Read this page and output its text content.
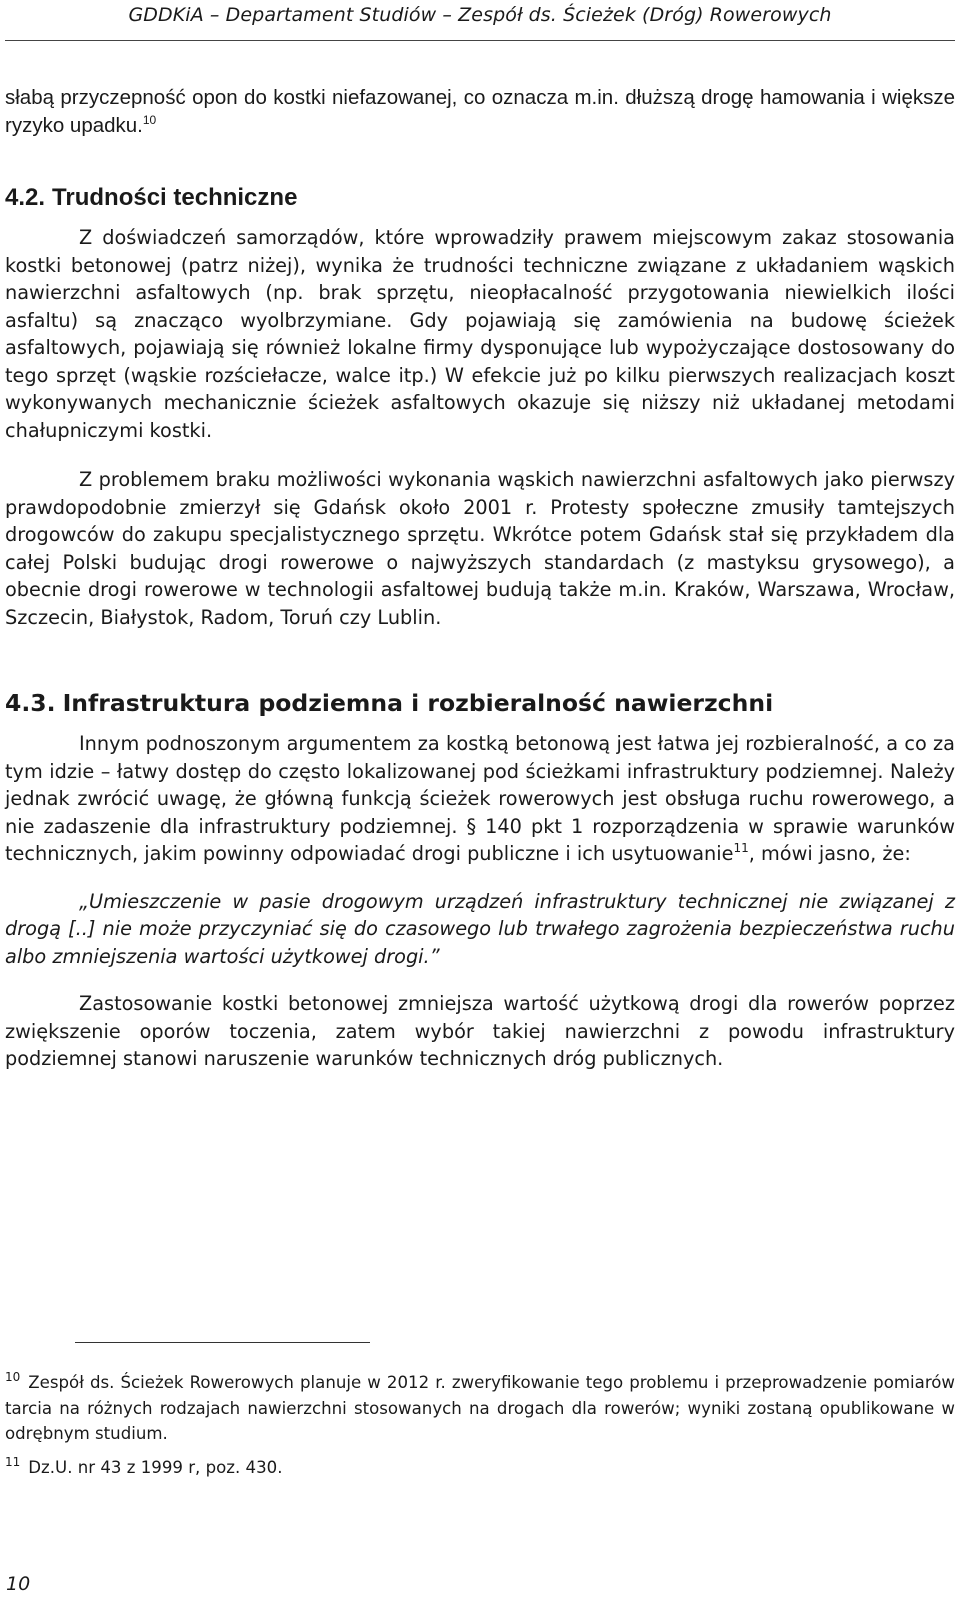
GDDKiA – Departament Studiów – Zespół ds. Ścieżek (Dróg) Rowerowych

słabą przyczepność opon do kostki niefazowanej, co oznacza m.in. dłuższą drogę hamowania i większe ryzyko upadku.$^{10}$

4.2. Trudności techniczne

Z doświadczeń samorządów, które wprowadziły prawem miejscowym zakaz stosowania kostki betonowej (patrz niżej), wynika że trudności techniczne związane z układaniem wąskich nawierzchni asfaltowych (np. brak sprzętu, nieopłacalność przygotowania niewielkich ilości asfaltu) są znacząco wyolbrzymiane. Gdy pojawiają się zamówienia na budowę ścieżek asfaltowych, pojawiają się również lokalne firmy dysponujące lub wypożyczające dostosowany do tego sprzęt (wąskie rozściełacze, walce itp.) W efekcie już po kilku pierwszych realizacjach koszt wykonywanych mechanicznie ścieżek asfaltowych okazuje się niższy niż układanej metodami chałupniczymi kostki.

Z problemem braku możliwości wykonania wąskich nawierzchni asfaltowych jako pierwszy prawdopodobnie zmierzył się Gdańsk około 2001 r. Protesty społeczne zmusiły tamtejszych drogowców do zakupu specjalistycznego sprzętu. Wkrótce potem Gdańsk stał się przykładem dla całej Polski budując drogi rowerowe o najwyższych standardach (z mastyksu grysowego), a obecnie drogi rowerowe w technologii asfaltowej budują także m.in. Kraków, Warszawa, Wrocław, Szczecin, Białystok, Radom, Toruń czy Lublin.

4.3. Infrastruktura podziemna i rozbieralność nawierzchni

Innym podnoszonym argumentem za kostką betonową jest łatwa jej rozbieralność, a co za tym idzie – łatwy dostęp do często lokalizowanej pod ścieżkami infrastruktury podziemnej. Należy jednak zwrócić uwagę, że główną funkcją ścieżek rowerowych jest obsługa ruchu rowerowego, a nie zadaszenie dla infrastruktury podziemnej. § 140 pkt 1 rozporządzenia w sprawie warunków technicznych, jakim powinny odpowiadać drogi publiczne i ich usytuowanie$^{11}$, mówi jasno, że:

„Umieszczenie w pasie drogowym urządzeń infrastruktury technicznej nie związanej z drogą [..] nie może przyczyniać się do czasowego lub trwałego zagrożenia bezpieczeństwa ruchu albo zmniejszenia wartości użytkowej drogi.”

Zastosowanie kostki betonowej zmniejsza wartość użytkową drogi dla rowerów poprzez zwiększenie oporów toczenia, zatem wybór takiej nawierzchni z powodu infrastruktury podziemnej stanowi naruszenie warunków technicznych dróg publicznych.

$^{10}$ Zespół ds. Ścieżek Rowerowych planuje w 2012 r. zweryfikowanie tego problemu i przeprowadzenie pomiarów tarcia na różnych rodzajach nawierzchni stosowanych na drogach dla rowerów; wyniki zostaną opublikowane w odrębnym studium.

$^{11}$ Dz.U. nr 43 z 1999 r, poz. 430.

10
